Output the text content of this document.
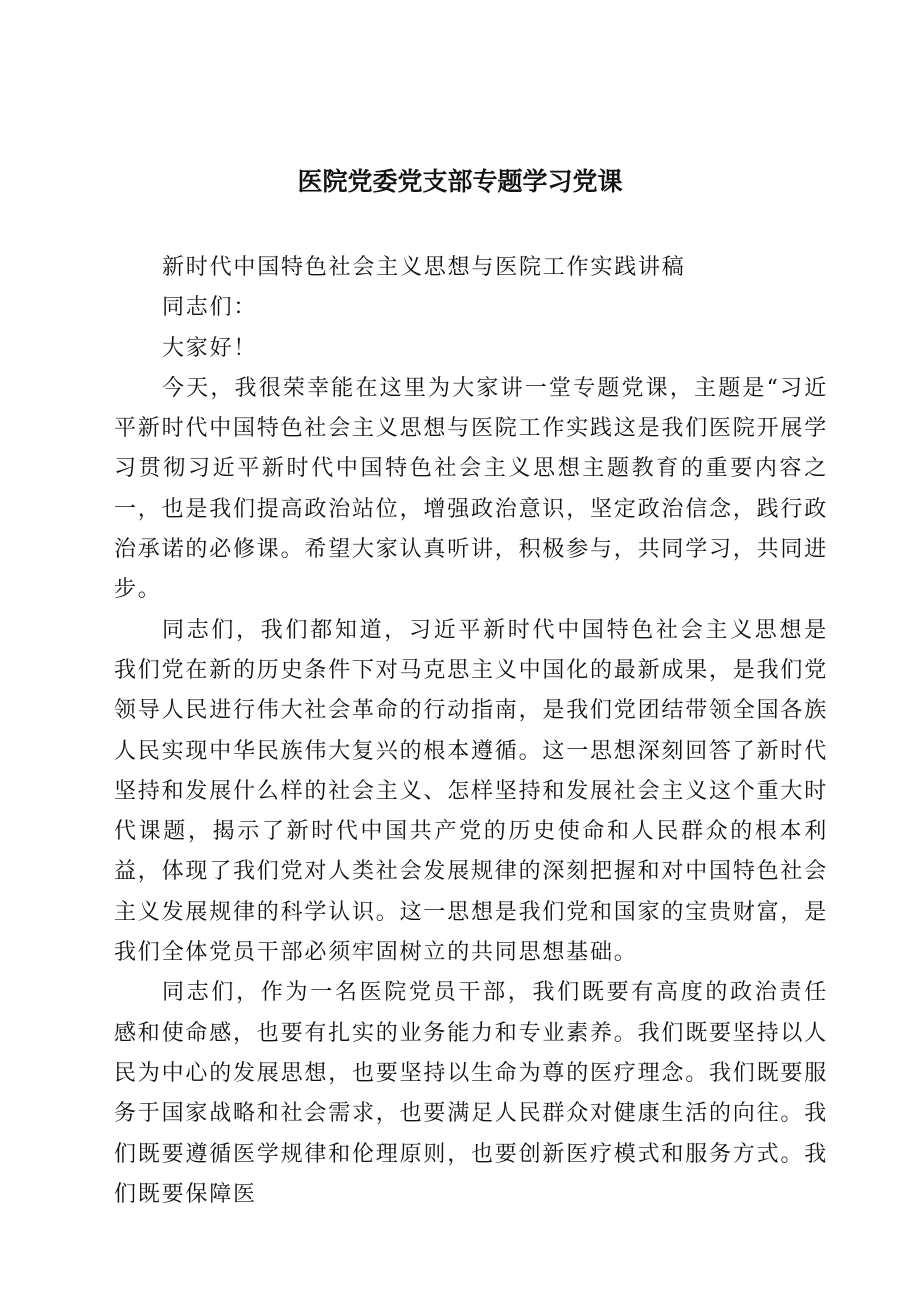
医院党委党支部专题学习党课

新时代中国特色社会主义思想与医院工作实践讲稿

同志们：

大家好！

今天，我很荣幸能在这里为大家讲一堂专题党课，主题是“习近平新时代中国特色社会主义思想与医院工作实践这是我们医院开展学习贯彻习近平新时代中国特色社会主义思想主题教育的重要内容之一，也是我们提高政治站位，增强政治意识，坚定政治信念，践行政治承诺的必修课。希望大家认真听讲，积极参与，共同学习，共同进步。

同志们，我们都知道，习近平新时代中国特色社会主义思想是我们党在新的历史条件下对马克思主义中国化的最新成果，是我们党领导人民进行伟大社会革命的行动指南，是我们党团结带领全国各族人民实现中华民族伟大复兴的根本遵循。这一思想深刻回答了新时代坚持和发展什么样的社会主义、怎样坚持和发展社会主义这个重大时代课题，揭示了新时代中国共产党的历史使命和人民群众的根本利益，体现了我们党对人类社会发展规律的深刻把握和对中国特色社会主义发展规律的科学认识。这一思想是我们党和国家的宝贵财富，是我们全体党员干部必须牢固树立的共同思想基础。

同志们，作为一名医院党员干部，我们既要有高度的政治责任感和使命感，也要有扎实的业务能力和专业素养。我们既要坚持以人民为中心的发展思想，也要坚持以生命为尊的医疗理念。我们既要服务于国家战略和社会需求，也要满足人民群众对健康生活的向往。我们既要遵循医学规律和伦理原则，也要创新医疗模式和服务方式。我们既要保障医
